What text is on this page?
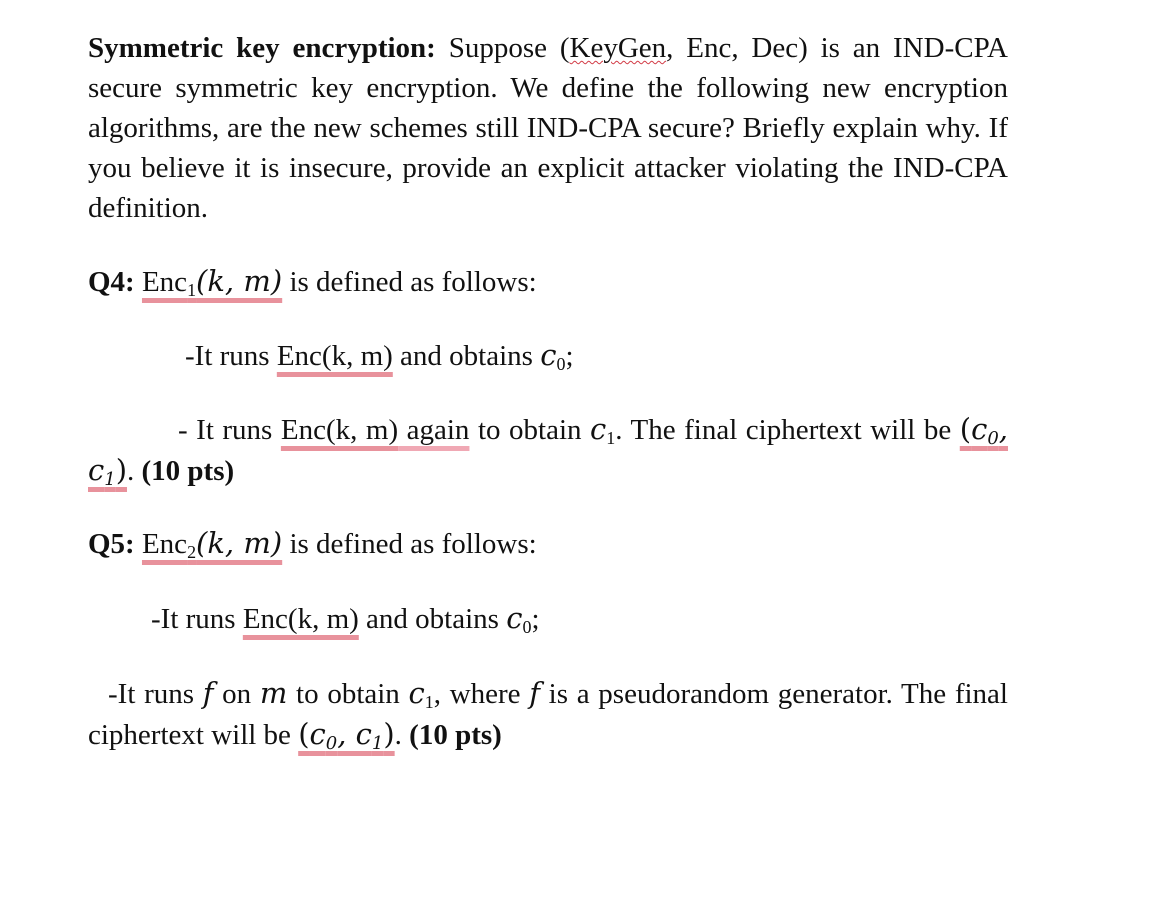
Symmetric key encryption: Suppose (KeyGen, Enc, Dec) is an IND-CPA secure symmetric key encryption. We define the following new encryption algorithms, are the new schemes still IND-CPA secure? Briefly explain why. If you believe it is insecure, provide an explicit attacker violating the IND-CPA definition.

Q4: Enc$_1$(k, m) is defined as follows:

-It runs Enc(k, m) and obtains $c_0$;

- It runs Enc(k, m) again to obtain $c_1$. The final ciphertext will be ($c_0$, $c_1$). (10 pts)

Q5: Enc$_2$(k, m) is defined as follows:

-It runs Enc(k, m) and obtains $c_0$;

-It runs f on m to obtain $c_1$, where f is a pseudorandom generator. The final ciphertext will be ($c_0$, $c_1$). (10 pts)
